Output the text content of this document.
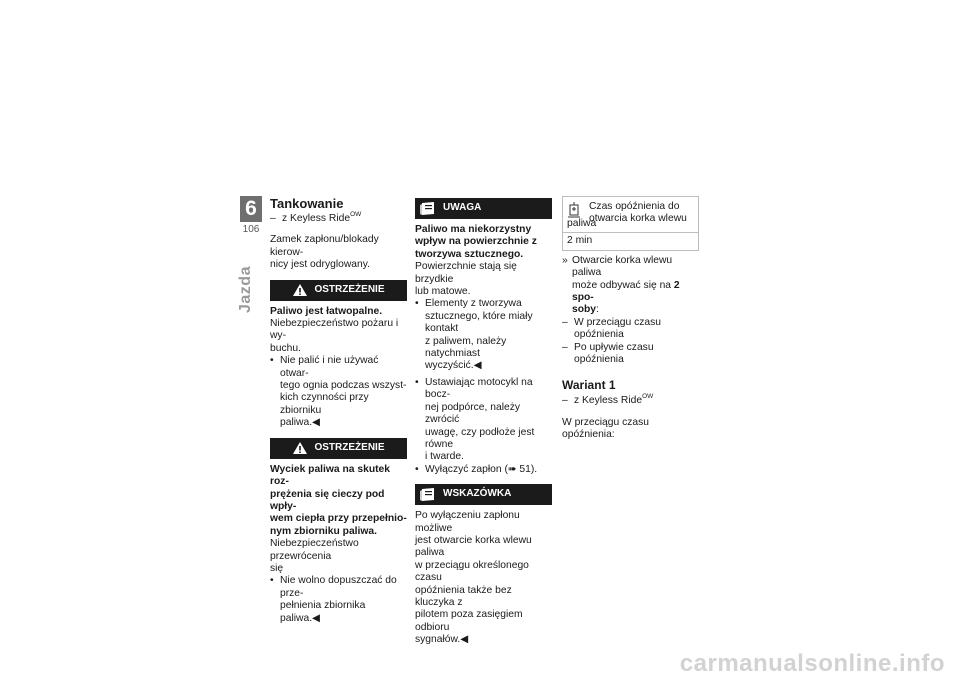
6
106
Jazda
Tankowanie
– z Keyless Ride$^{OW}$

Zamek zapłonu/blokady kierow-

nicy jest odryglowany.

OSTRZEŻENIE

Paliwo jest łatwopalne.

Niebezpieczeństwo pożaru i wy-

buchu.

• Nie palić i nie używać otwar-
tego ognia podczas wszyst-
kich czynności przy zbiorniku
paliwa.◀
OSTRZEŻENIE

Wyciek paliwa na skutek roz-

prężenia się cieczy pod wpły-

wem ciepła przy przepełnio-

nym zbiorniku paliwa.

Niebezpieczeństwo przewrócenia

się

• Nie wolno dopuszczać do prze-
pełnienia zbiornika paliwa.◀
UWAGA

Paliwo ma niekorzystny

wpływ na powierzchnie z

tworzywa sztucznego.

Powierzchnie stają się brzydkie

lub matowe.

• Elementy z tworzywa
sztucznego, które miały kontakt
z paliwem, należy natychmiast
wyczyścić.◀
• Ustawiając motocykl na bocz-
nej podpórce, należy zwrócić
uwagę, czy podłoże jest równe
i twarde.
• Wyłączyć zapłon (➠ 51).
WSKAZÓWKA

Po wyłączeniu zapłonu możliwe

jest otwarcie korka wlewu paliwa

w przeciągu określonego czasu

opóźnienia także bez kluczyka z

pilotem poza zasięgiem odbioru

sygnałów.◀

Czas opóźnienia do
otwarcia korka wlewu
paliwa
2 min
» Otwarcie korka wlewu paliwa
może odbywać się na 2 spo-
soby:
– W przeciągu czasu opóźnienia
– Po upływie czasu opóźnienia
Wariant 1
– z Keyless Ride$^{OW}$

W przeciągu czasu opóźnienia:

carmanualsonline.info
